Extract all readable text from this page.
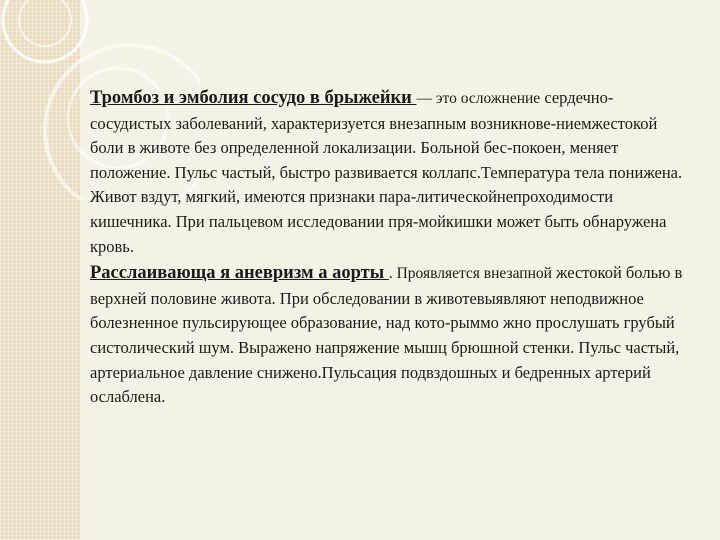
Тромбоз и эмболия сосудо в брыжейки — это осложнение сердечно-сосудистых заболеваний, характеризуется внезапным возникнове-ниемжестокой боли в животе без определенной локализации. Больной бес-покоен, меняет положение. Пульс частый, быстро развивается коллапс.Температура тела понижена. Живот вздут, мягкий, имеются признаки пара-литическойнепроходимости кишечника. При пальцевом исследовании пря-мойкишки может быть обнаружена кровь.

Расслаивающа я аневризм а аорты . Проявляется внезапной жестокой болью в верхней половине живота. При обследовании в животевыявляют неподвижное болезненное пульсирующее образование, над кото-рыммо жно прослушать грубый систолический шум. Выражено напряжение мышц брюшной стенки. Пульс частый, артериальное давление снижено.Пульсация подвздошных и бедренных артерий ослаблена.
